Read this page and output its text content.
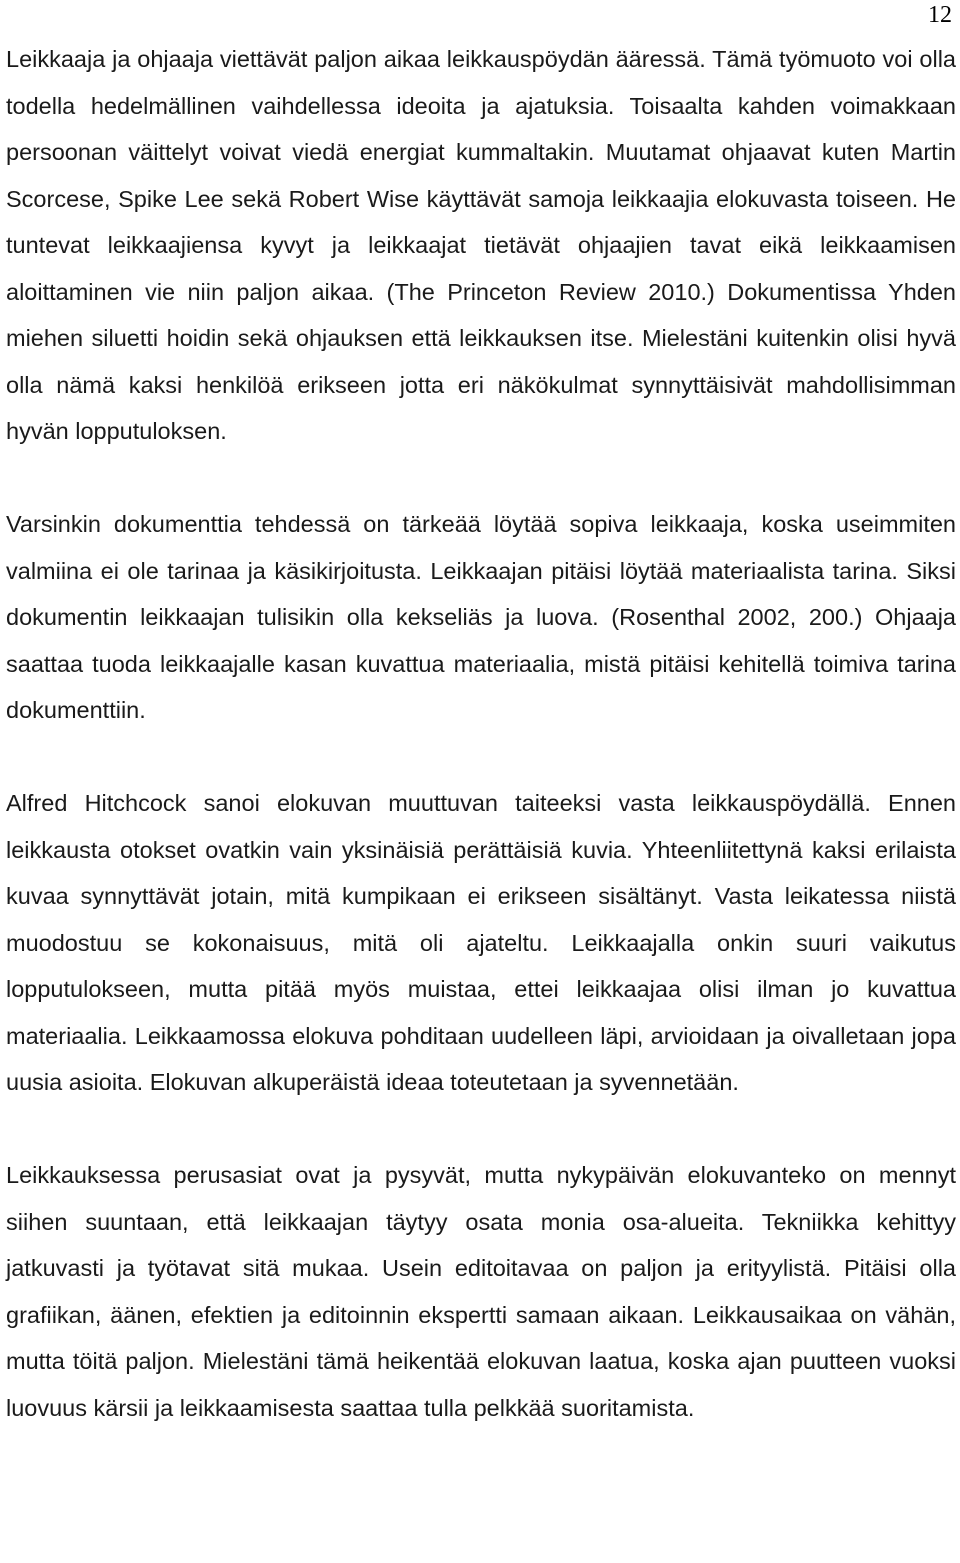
12

Leikkaaja ja ohjaaja viettävät paljon aikaa leikkauspöydän ääressä. Tämä työmuoto voi olla todella hedelmällinen vaihdellessa ideoita ja ajatuksia. Toisaalta kahden voimakkaan persoonan väittelyt voivat viedä energiat kummaltakin. Muutamat ohjaavat kuten Martin Scorcese, Spike Lee sekä Robert Wise käyttävät samoja leikkaajia elokuvasta toiseen. He tuntevat leikkaajiensa kyvyt ja leikkaajat tietävät ohjaajien tavat eikä leikkaamisen aloittaminen vie niin paljon aikaa. (The Princeton Review 2010.) Dokumentissa Yhden miehen siluetti hoidin sekä ohjauksen että leikkauksen itse. Mielestäni kuitenkin olisi hyvä olla nämä kaksi henkilöä erikseen jotta eri näkökulmat synnyttäisivät mahdollisimman hyvän lopputuloksen.

Varsinkin dokumenttia tehdessä on tärkeää löytää sopiva leikkaaja, koska useimmiten valmiina ei ole tarinaa ja käsikirjoitusta. Leikkaajan pitäisi löytää materiaalista tarina. Siksi dokumentin leikkaajan tulisikin olla kekseliäs ja luova. (Rosenthal 2002, 200.) Ohjaaja saattaa tuoda leikkaajalle kasan kuvattua materiaalia, mistä pitäisi kehitellä toimiva tarina dokumenttiin.

Alfred Hitchcock sanoi elokuvan muuttuvan taiteeksi vasta leikkauspöydällä. Ennen leikkausta otokset ovatkin vain yksinäisiä perättäisiä kuvia. Yhteenliitettynä kaksi erilaista kuvaa synnyttävät jotain, mitä kumpikaan ei erikseen sisältänyt. Vasta leikatessa niistä muodostuu se kokonaisuus, mitä oli ajateltu. Leikkaajalla onkin suuri vaikutus lopputulokseen, mutta pitää myös muistaa, ettei leikkaajaa olisi ilman jo kuvattua materiaalia. Leikkaamossa elokuva pohditaan uudelleen läpi, arvioidaan ja oivalletaan jopa uusia asioita. Elokuvan alkuperäistä ideaa toteutetaan ja syvennetään.

Leikkauksessa perusasiat ovat ja pysyvät, mutta nykypäivän elokuvanteko on mennyt siihen suuntaan, että leikkaajan täytyy osata monia osa-alueita. Tekniikka kehittyy jatkuvasti ja työtavat sitä mukaa. Usein editoitavaa on paljon ja erityylistä. Pitäisi olla grafiikan, äänen, efektien ja editoinnin ekspertti samaan aikaan. Leikkausaikaa on vähän, mutta töitä paljon. Mielestäni tämä heikentää elokuvan laatua, koska ajan puutteen vuoksi luovuus kärsii ja leikkaamisesta saattaa tulla pelkkää suoritamista.
